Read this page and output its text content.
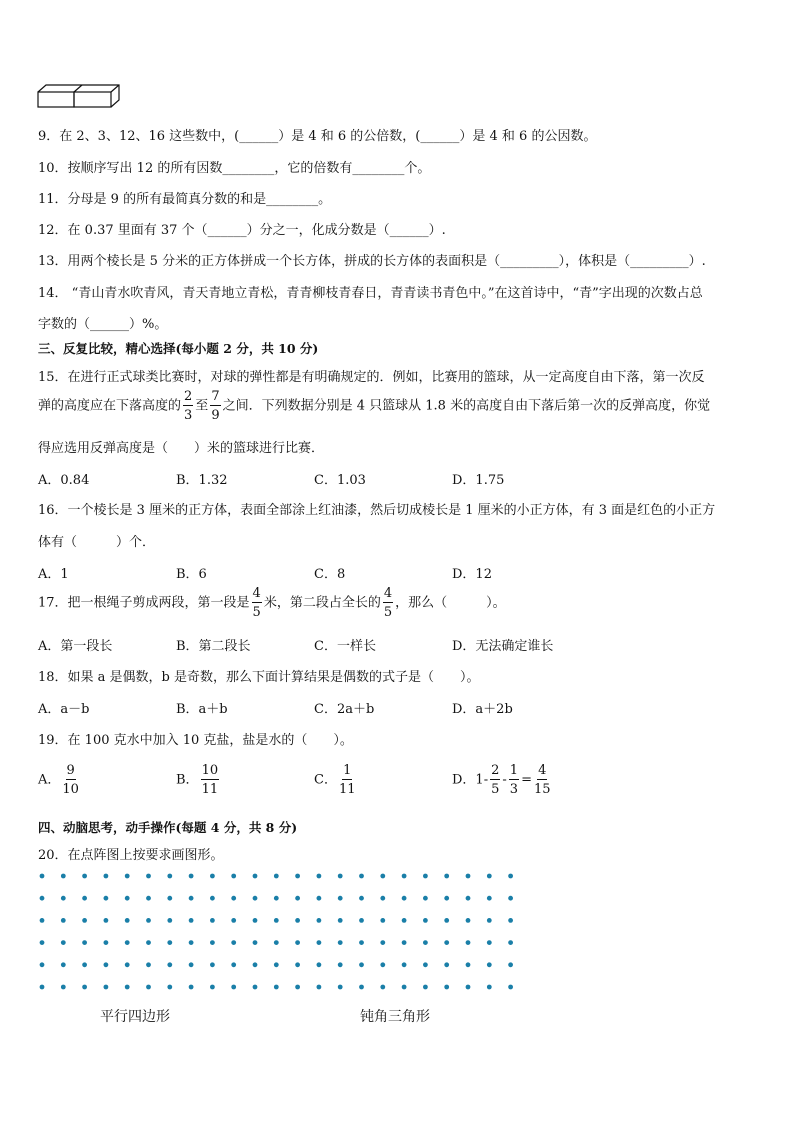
9．在 2、3、12、16 这些数中，(______）是 4 和 6 的公倍数，(______）是 4 和 6 的公因数。
10．按顺序写出 12 的所有因数________，它的倍数有________个。
11．分母是 9 的所有最简真分数的和是________。
12．在 0.37 里面有 37 个（______）分之一，化成分数是（______）.
13．用两个棱长是 5 分米的正方体拼成一个长方体，拼成的长方体的表面积是（_________），体积是（_________）.
14． “青山青水吹青风，青天青地立青松，青青柳枝青春日，青青读书青色中。”在这首诗中，“青”字出现的次数占总
字数的（______）%。
三、反复比较，精心选择(每小题 2 分，共 10 分)
15．在进行正式球类比赛时，对球的弹性都是有明确规定的．例如，比赛用的篮球，从一定高度自由下落，第一次反
弹的高度应在下落高度的 $\frac{2}{3}$ 至 $\frac{7}{9}$ 之间．下列数据分别是 4 只篮球从 1.8 米的高度自由下落后第一次的反弹高度，你觉
得应选用反弹高度是（　　）米的篮球进行比赛．
A．0.84	B．1.32	C．1.03	D．1.75
16．一个棱长是 3 厘米的正方体，表面全部涂上红油漆，然后切成棱长是 1 厘米的小正方体，有 3 面是红色的小正方
体有（　　　）个．
A．1	B．6	C．8	D．12
17．把一根绳子剪成两段，第一段是 $\frac{4}{5}$ 米，第二段占全长的 $\frac{4}{5}$ ，那么（　　　）。
A．第一段长	B．第二段长	C．一样长	D．无法确定谁长
18．如果 a 是偶数，b 是奇数，那么下面计算结果是偶数的式子是（　　）。
A．a－b	B．a＋b	C．2a＋b	D．a＋2b
19．在 100 克水中加入 10 克盐，盐是水的（　　）。
A． $\frac{9}{10}$	B． $\frac{10}{11}$	C． $\frac{1}{11}$	D．$1- \frac{2}{5} - \frac{1}{3} = \frac{4}{15}$
四、动脑思考，动手操作(每题 4 分，共 8 分)
20．在点阵图上按要求画图形。
平行四边形	钝角三角形
